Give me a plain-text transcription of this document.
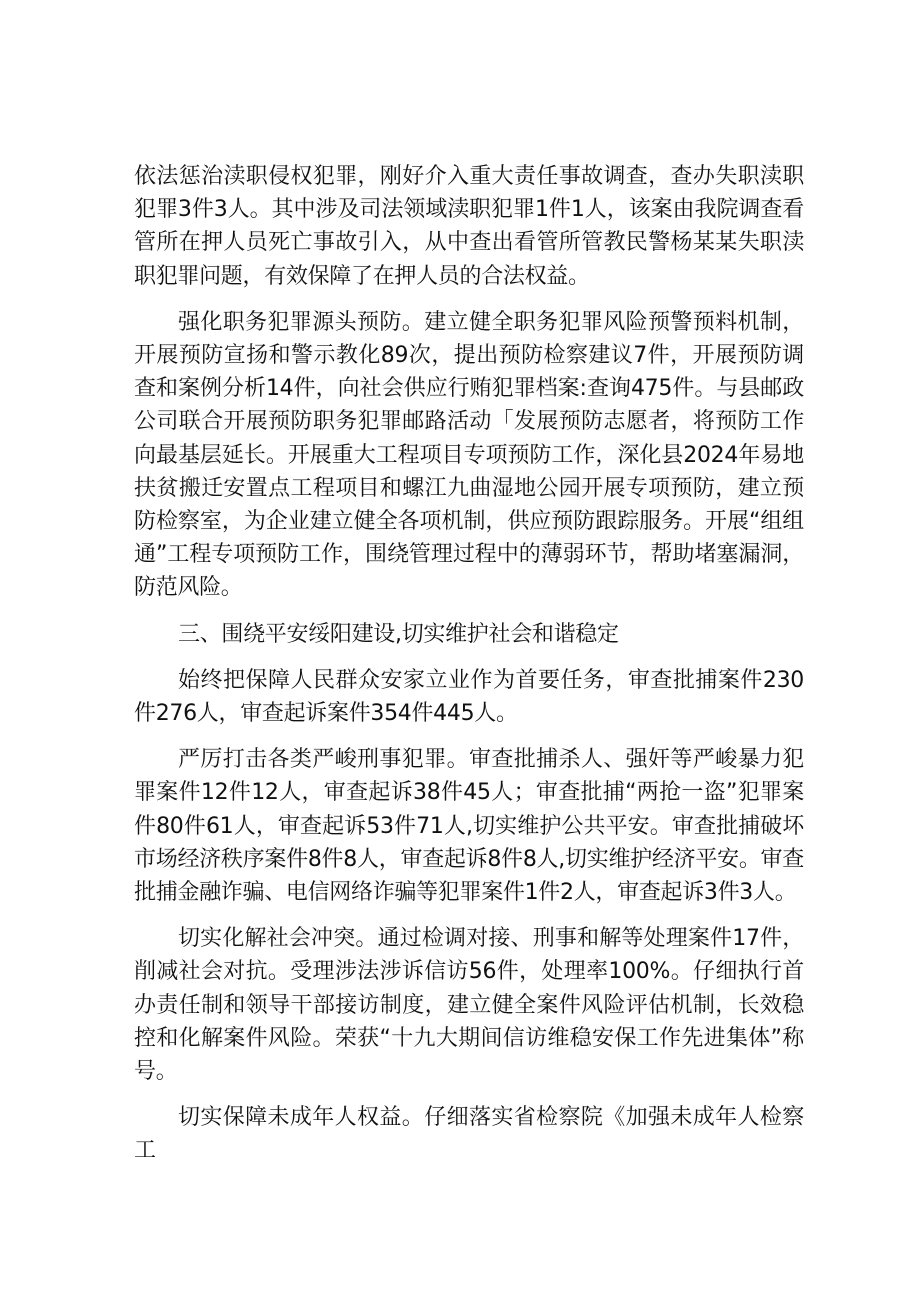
依法惩治渎职侵权犯罪，刚好介入重大责任事故调查，查办失职渎职犯罪3件3人。其中涉及司法领域渎职犯罪1件1人，该案由我院调查看管所在押人员死亡事故引入，从中查出看管所管教民警杨某某失职渎职犯罪问题，有效保障了在押人员的合法权益。

强化职务犯罪源头预防。建立健全职务犯罪风险预警预料机制，开展预防宣扬和警示教化89次，提出预防检察建议7件，开展预防调查和案例分析14件，向社会供应行贿犯罪档案:查询475件。与县邮政公司联合开展预防职务犯罪邮路活动「发展预防志愿者，将预防工作向最基层延长。开展重大工程项目专项预防工作，深化县2024年易地扶贫搬迁安置点工程项目和螺江九曲湿地公园开展专项预防，建立预防检察室，为企业建立健全各项机制，供应预防跟踪服务。开展“组组通”工程专项预防工作，围绕管理过程中的薄弱环节，帮助堵塞漏洞，防范风险。

三、围绕平安绥阳建设,切实维护社会和谐稳定

始终把保障人民群众安家立业作为首要任务，审查批捕案件230件276人，审查起诉案件354件445人。

严厉打击各类严峻刑事犯罪。审查批捕杀人、强奸等严峻暴力犯罪案件12件12人，审查起诉38件45人；审查批捕“两抢一盗”犯罪案件80件61人，审查起诉53件71人,切实维护公共平安。审查批捕破坏市场经济秩序案件8件8人，审查起诉8件8人,切实维护经济平安。审查批捕金融诈骗、电信网络诈骗等犯罪案件1件2人，审查起诉3件3人。

切实化解社会冲突。通过检调对接、刑事和解等处理案件17件，削减社会对抗。受理涉法涉诉信访56件，处理率100%。仔细执行首办责任制和领导干部接访制度，建立健全案件风险评估机制，长效稳控和化解案件风险。荣获“十九大期间信访维稳安保工作先进集体”称号。

切实保障未成年人权益。仔细落实省检察院《加强未成年人检察工
